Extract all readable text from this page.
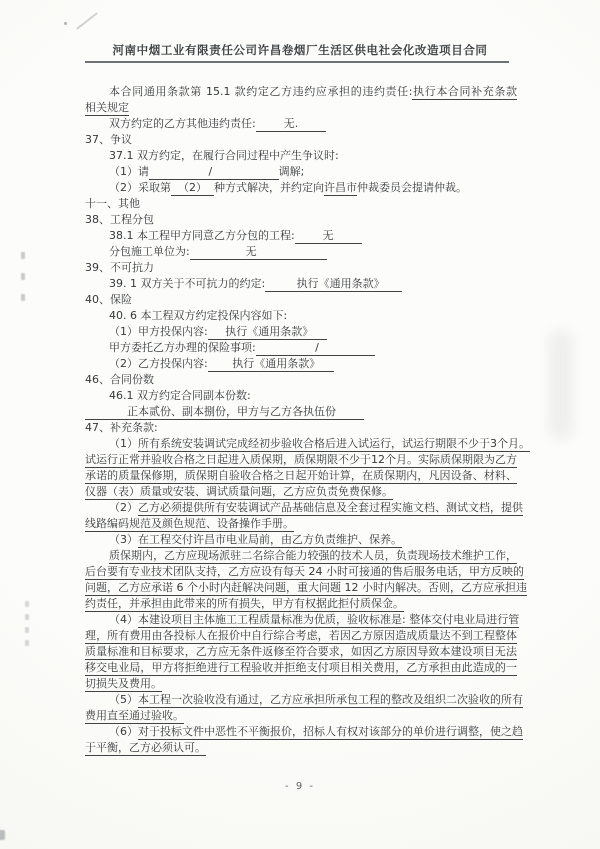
河南中烟工业有限责任公司许昌卷烟厂生活区供电社会化改造项目合同
本合同通用条款第 15.1 款约定乙方违约应承担的违约责任:执行本合同补充条款
相关规定
双方约定的乙方其他违约责任:        无.
37、争议
37.1 双方约定，在履行合同过程中产生争议时:
（1）请	/	调解;
（2）采取第  （2）  种方式解决，并约定向许昌市仲裁委员会提请仲裁。
十一、其他
38、工程分包
38.1 本工程甲方同意乙方分包的工程:        无
分包施工单位为:                无
39、不可抗力
39. 1 双方关于不可抗力的约定:         执行《通用条款》
40、保险
40. 6 本工程双方约定投保内容如下:
（1）甲方投保内容:     执行《通用条款》
甲方委托乙方办理的保险事项:                 /
（2）乙方投保内容:       执行《通用条款》
46、合同份数
46.1 双方约定合同副本份数:
正本贰份、副本捌份，甲方与乙方各执伍份
47、补充条款:
（1）所有系统安装调试完成经初步验收合格后进入试运行，试运行期限不少于3个月。
试运行正常并验收合格之日起进入质保期，质保期限不少于12个月。实际质保期限为乙方
承诺的质量保修期，质保期自验收合格之日起开始计算，在质保期内，凡因设备、材料、
仪器（表）质量或安装、调试质量问题，乙方应负责免费保修。
（2）乙方必须提供所有安装调试产品基础信息及全套过程实施文档、测试文档，提供
线路编码规范及颜色规范、设备操作手册。
（3）在工程交付许昌市电业局前，由乙方负责维护、保养。
质保期内，乙方应现场派驻二名综合能力较强的技术人员，负责现场技术维护工作，
后台要有专业技术团队支持，乙方应设有每天 24 小时可接通的售后服务电话，甲方反映的
问题，乙方应承诺 6 个小时内赶解决问题，重大问题 12 小时内解决。否则，乙方应承担违
约责任，并承担由此带来的所有损失，甲方有权据此拒付质保金。
（4）本建设项目主体施工工程质量标准为优质，验收标准是: 整体交付电业局进行管
理，所有费用由各投标人在报价中自行综合考虑，若因乙方原因造成质量达不到工程整体
质量标准和目标要求，乙方应无条件返修至符合要求，如因乙方原因导致本建设项目无法
移交电业局，甲方将拒绝进行工程验收并拒绝支付项目相关费用，乙方承担由此造成的一
切损失及费用。
（5）本工程一次验收没有通过，乙方应承担所承包工程的整改及组织二次验收的所有
费用直至通过验收。
（6）对于投标文件中恶性不平衡报价，招标人有权对该部分的单价进行调整，使之趋
于平衡，乙方必须认可。
- 9 -
